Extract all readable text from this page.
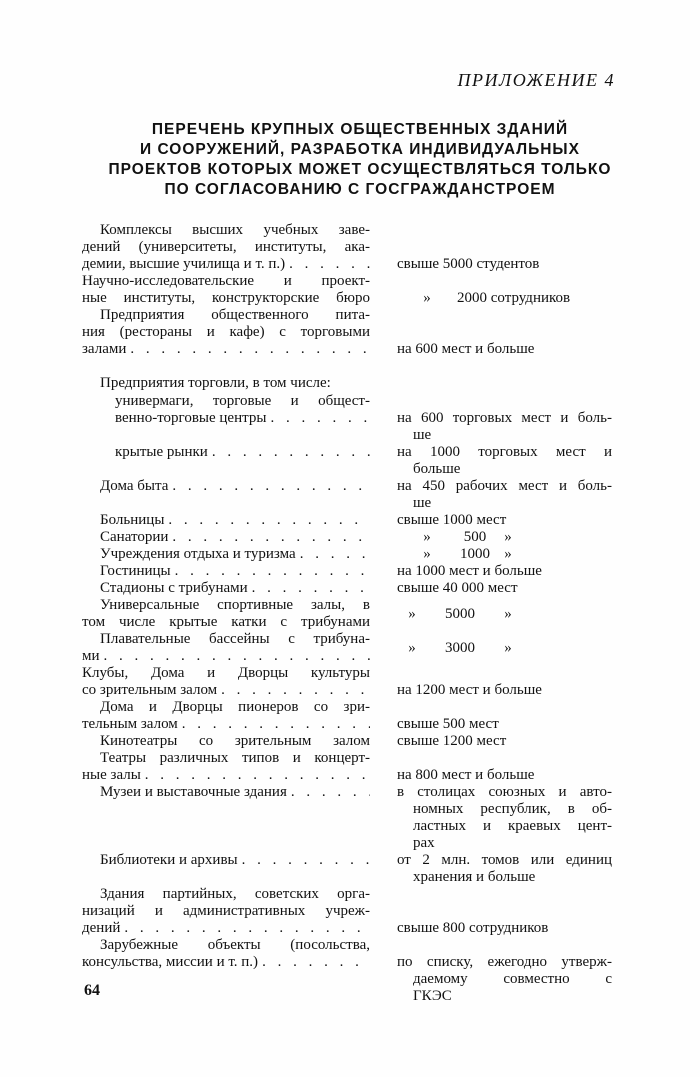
ПРИЛОЖЕНИЕ 4
ПЕРЕЧЕНЬ КРУПНЫХ ОБЩЕСТВЕННЫХ ЗДАНИЙ
И СООРУЖЕНИЙ, РАЗРАБОТКА ИНДИВИДУАЛЬНЫХ
ПРОЕКТОВ КОТОРЫХ МОЖЕТ ОСУЩЕСТВЛЯТЬСЯ ТОЛЬКО
ПО СОГЛАСОВАНИЮ С ГОСГРАЖДАНСТРОЕМ
Комплексы высших учебных заве-
дений (университеты, институты, ака-
демии, высшие училища и т. п.) . . .	свыше 5000 студентов
Научно-исследовательские и проект-
ные институты, конструкторские бюро	» 2000 сотрудников
Предприятия общественного пита-
ния (рестораны и кафе) с торговыми
залами . . .	на 600 мест и больше
Предприятия торговли, в том числе:
универмаги, торговые и общест-
венно-торговые центры . . .	на 600 торговых мест и боль-
ше
крытые рынки . . .	на 1000 торговых мест и
больше
Дома быта . . .	на 450 рабочих мест и боль-
ше
Больницы . . .	свыше 1000 мест
Санатории . . .	» 500 »
Учреждения отдыха и туризма . . .	» 1000 »
Гостиницы . . .	на 1000 мест и больше
Стадионы с трибунами . . .	свыше 40 000 мест
Универсальные спортивные залы, в
том числе крытые катки с трибунами	» 5000 »
Плавательные бассейны с трибуна-
ми . . .	» 3000 »
Клубы, Дома и Дворцы культуры
со зрительным залом . . .	на 1200 мест и больше
Дома и Дворцы пионеров со зри-
тельным залом . . .	свыше 500 мест
Кинотеатры со зрительным залом свыше 1200 мест
Театры различных типов и концерт-
ные залы . . .	на 800 мест и больше
Музеи и выставочные здания . . .	в столицах союзных и авто-
номных республик, в об-
ластных и краевых цент-
рах
Библиотеки и архивы . . .	от 2 млн. томов или единиц
хранения и больше
Здания партийных, советских орга-
низаций и административных учреж-
дений . . .	свыше 800 сотрудников
Зарубежные объекты (посольства,
консульства, миссии и т. п.) . . .	по списку, ежегодно утверж-
даемому совместно с
ГКЭС
64
